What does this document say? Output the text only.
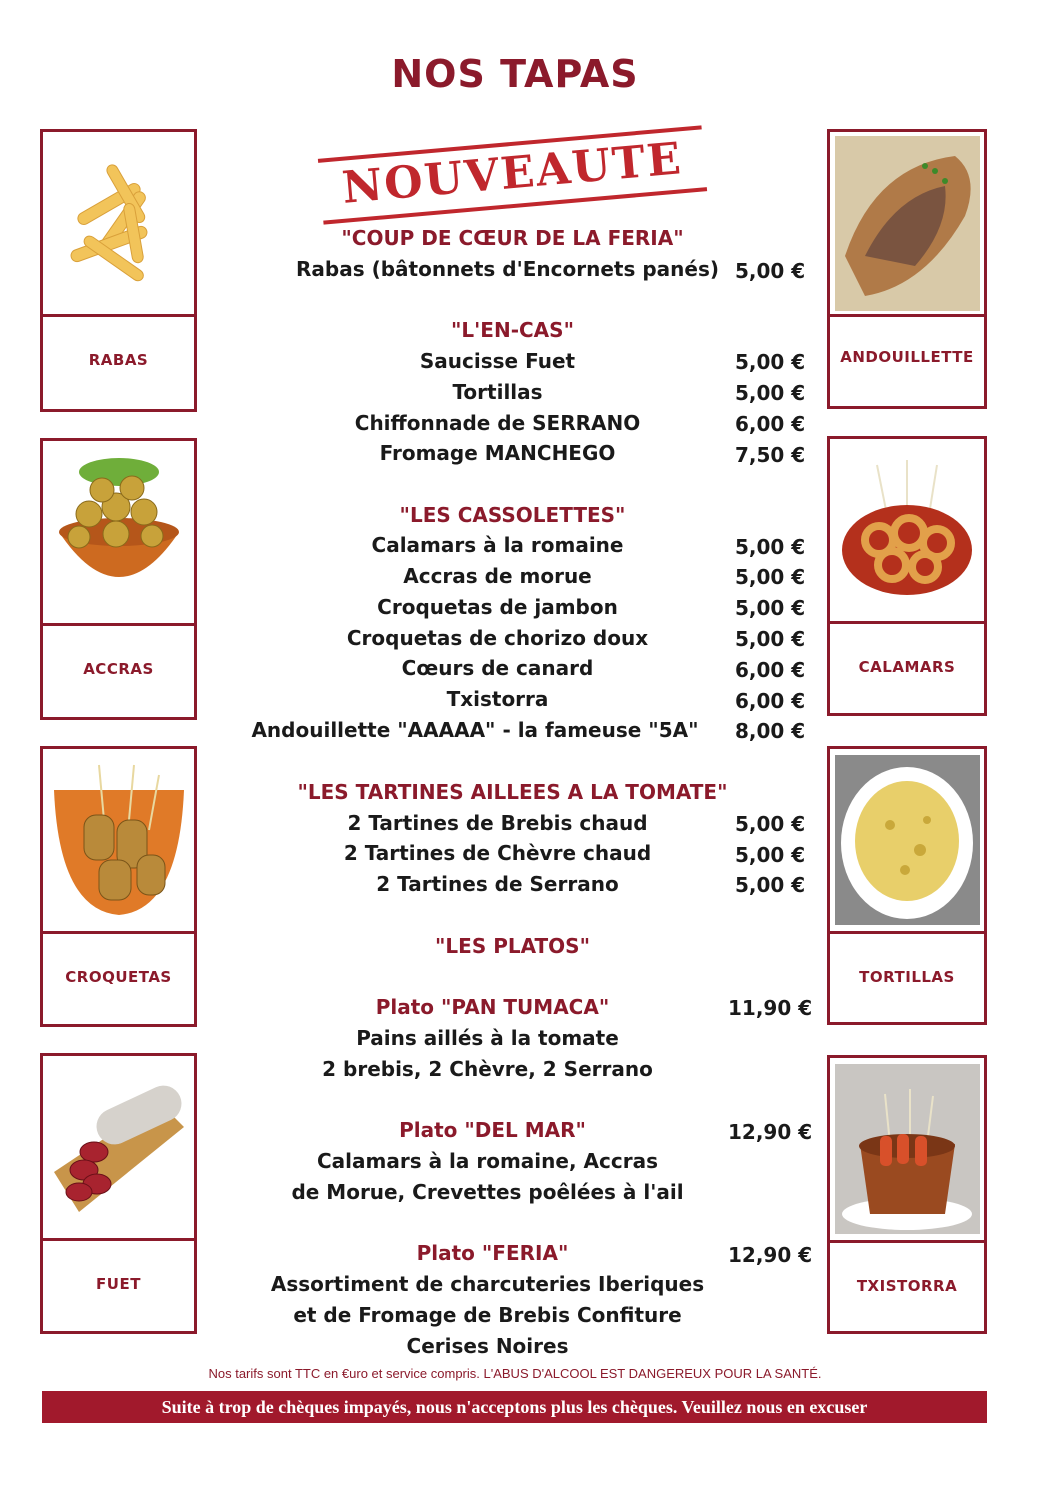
NOS TAPAS
NOUVEAUTE
RABAS
ACCRAS
CROQUETAS
FUET
ANDOUILLETTE
CALAMARS
TORTILLAS
TXISTORRA
"COUP DE CŒUR DE LA FERIA"
Rabas (bâtonnets d'Encornets panés) 5,00 €
"L'EN-CAS"
Saucisse Fuet	5,00 €
Tortillas	5,00 €
Chiffonnade de SERRANO	6,00 €
Fromage MANCHEGO	7,50 €
"LES CASSOLETTES"
Calamars à la romaine	5,00 €
Accras de morue	5,00 €
Croquetas de jambon	5,00 €
Croquetas de chorizo doux	5,00 €
Cœurs de canard	6,00 €
Txistorra	6,00 €
Andouillette "AAAAA" - la fameuse "5A"	8,00 €
"LES TARTINES AILLEES A LA TOMATE"
2 Tartines de Brebis chaud	5,00 €
2 Tartines de Chèvre chaud	5,00 €
2 Tartines de Serrano	5,00 €
"LES PLATOS"
Plato "PAN TUMACA"	11,90 €
Pains aillés à la tomate
2 brebis, 2 Chèvre, 2 Serrano
Plato "DEL MAR"	12,90 €
Calamars à la romaine, Accras
de Morue, Crevettes poêlées à l'ail
Plato "FERIA"	12,90 €
Assortiment de charcuteries Iberiques
et de Fromage de Brebis Confiture
Cerises Noires
Nos tarifs sont TTC en €uro et service compris. L'ABUS D'ALCOOL EST DANGEREUX POUR LA SANTÉ.
Suite à trop de chèques impayés, nous n'acceptons plus les chèques. Veuillez nous en excuser
